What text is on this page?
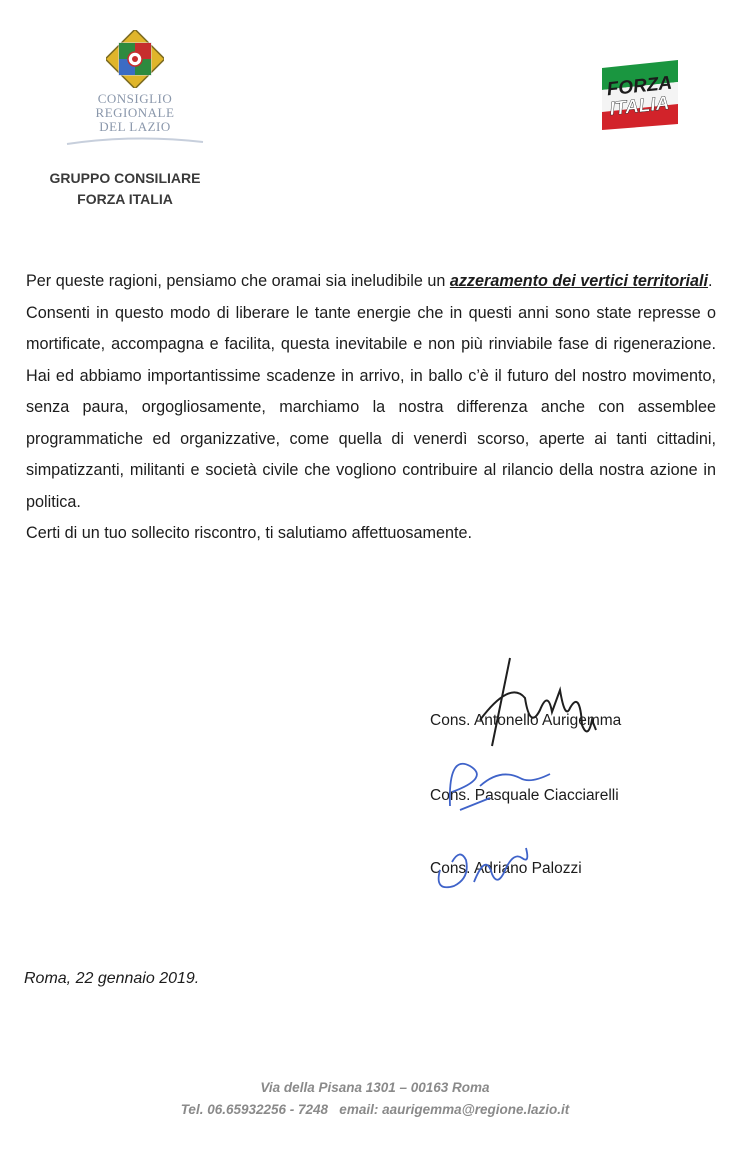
CONSIGLIO
REGIONALE
DEL LAZIO
GRUPPO CONSILIARE
FORZA ITALIA
FORZA
ITALIA

Per queste ragioni, pensiamo che oramai sia ineludibile un azzeramento dei vertici territoriali.

Consenti in questo modo di liberare le tante energie che in questi anni sono state represse o mortificate, accompagna e facilita, questa inevitabile e non più rinviabile fase di rigenerazione. Hai ed abbiamo importantissime scadenze in arrivo, in ballo c’è il futuro del nostro movimento, senza paura, orgogliosamente, marchiamo la nostra differenza anche con assemblee programmatiche ed organizzative, come quella di venerdì scorso, aperte ai tanti cittadini, simpatizzanti, militanti e società civile che vogliono contribuire al rilancio della nostra azione in politica.

Certi di un tuo sollecito riscontro, ti salutiamo affettuosamente.

Cons. Antonello Aurigemma
Cons. Pasquale Ciacciarelli
Cons. Adriano Palozzi
Roma, 22 gennaio 2019.
Via della Pisana 1301 – 00163 Roma
Tel. 06.65932256 - 7248   email: aaurigemma@regione.lazio.it
